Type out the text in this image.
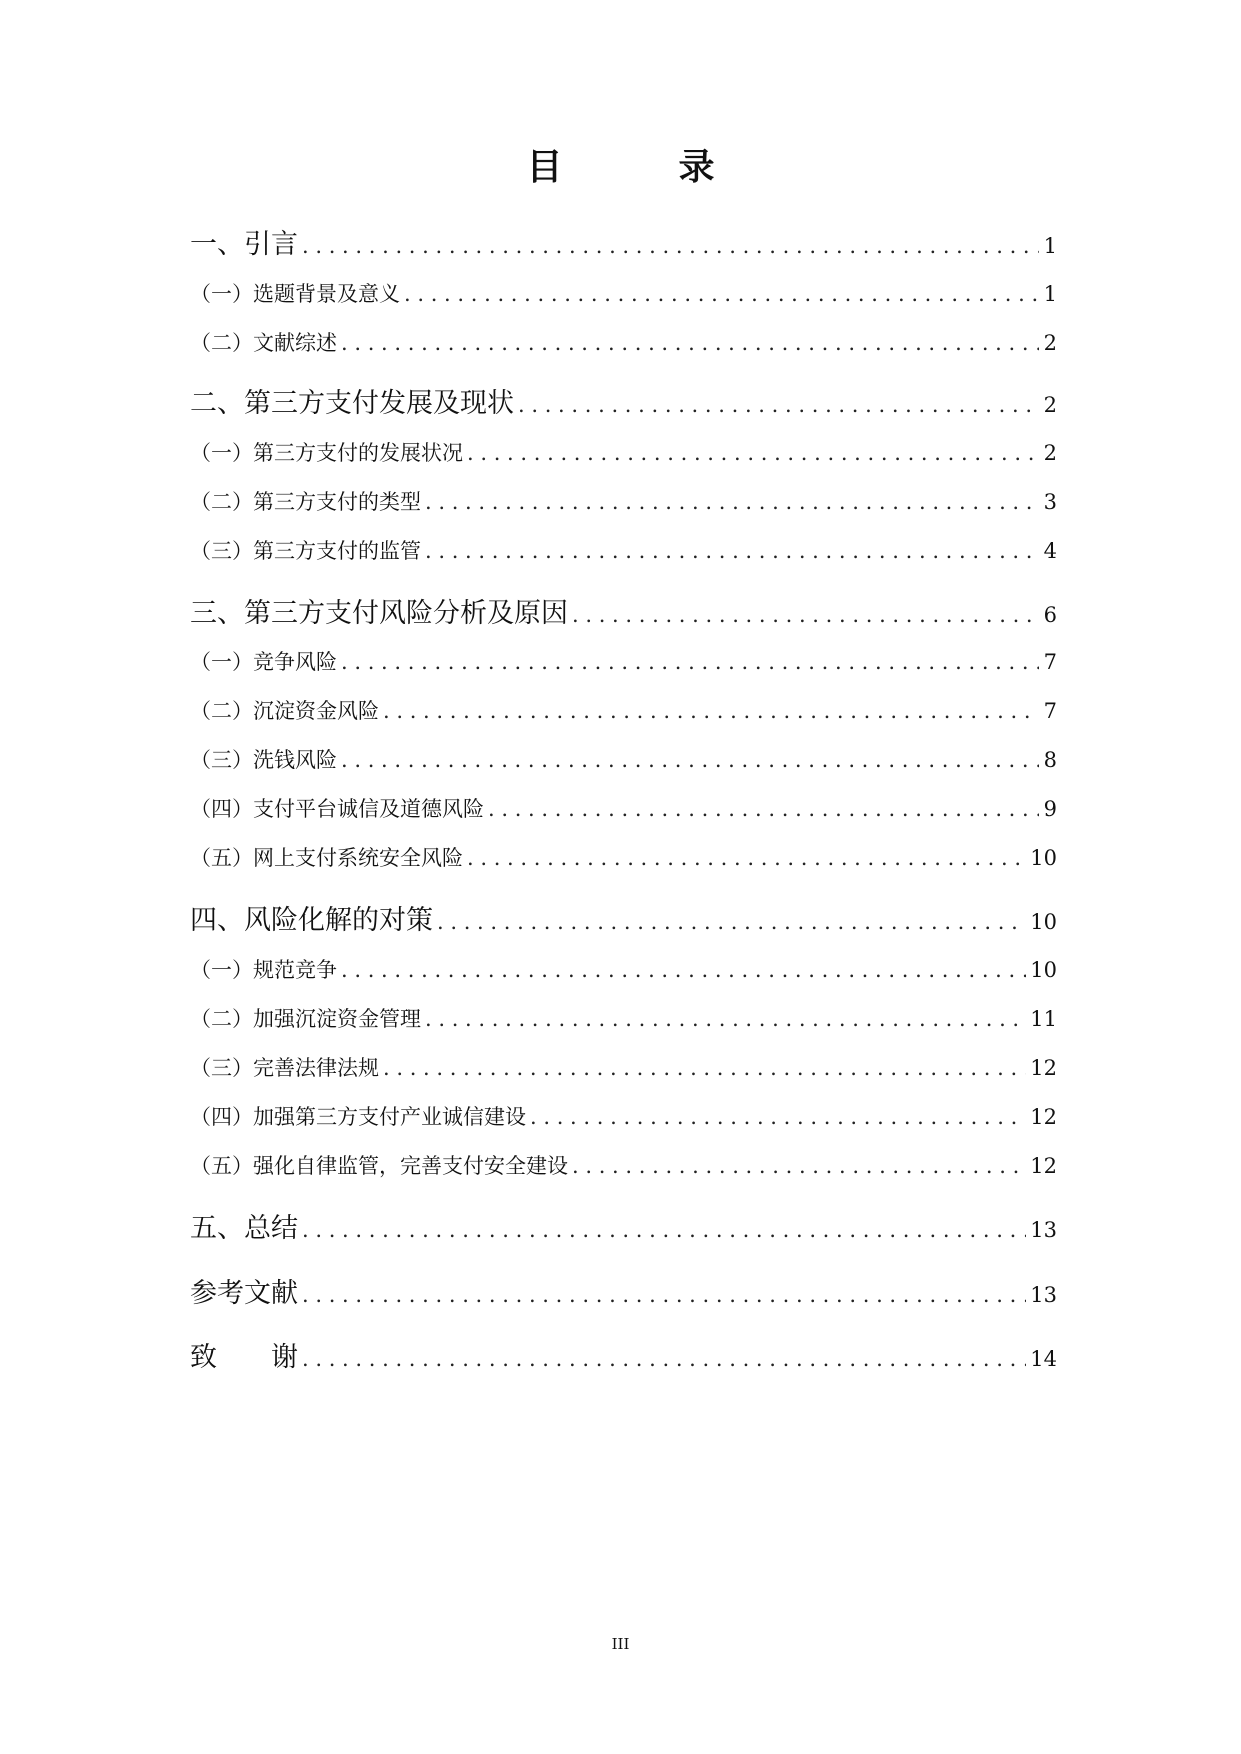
目　录
一、引言 . . .	1
（一）选题背景及意义 . . .	1
（二）文献综述 . . .	2
二、第三方支付发展及现状 . . .	2
（一）第三方支付的发展状况 . . .	2
（二）第三方支付的类型 . . .	3
（三）第三方支付的监管 . . .	4
三、第三方支付风险分析及原因 . . .	6
（一）竞争风险 . . .	7
（二）沉淀资金风险 . . .	7
（三）洗钱风险 . . .	8
（四）支付平台诚信及道德风险 . . .	9
（五）网上支付系统安全风险 . . .	10
四、风险化解的对策 . . .	10
（一）规范竞争 . . .	10
（二）加强沉淀资金管理 . . .	11
（三）完善法律法规 . . .	12
（四）加强第三方支付产业诚信建设 . . .	12
（五）强化自律监管，完善支付安全建设 . . .	12
五、总结 . . .	13
参考文献 . . .	13
致　　谢 . . .	14
III
